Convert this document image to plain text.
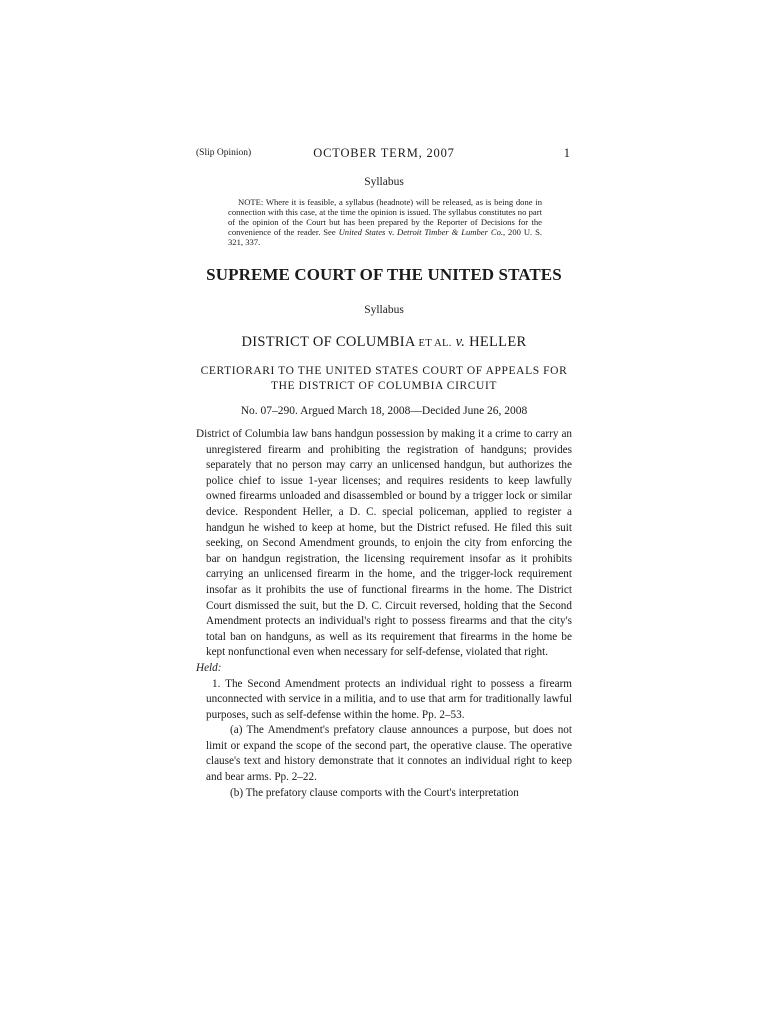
(Slip Opinion)	OCTOBER TERM, 2007	1
Syllabus
NOTE: Where it is feasible, a syllabus (headnote) will be released, as is being done in connection with this case, at the time the opinion is issued. The syllabus constitutes no part of the opinion of the Court but has been prepared by the Reporter of Decisions for the convenience of the reader. See United States v. Detroit Timber & Lumber Co., 200 U. S. 321, 337.
SUPREME COURT OF THE UNITED STATES
Syllabus
DISTRICT OF COLUMBIA ET AL. v. HELLER
CERTIORARI TO THE UNITED STATES COURT OF APPEALS FOR THE DISTRICT OF COLUMBIA CIRCUIT
No. 07–290. Argued March 18, 2008—Decided June 26, 2008
District of Columbia law bans handgun possession by making it a crime to carry an unregistered firearm and prohibiting the registration of handguns; provides separately that no person may carry an unlicensed handgun, but authorizes the police chief to issue 1-year licenses; and requires residents to keep lawfully owned firearms unloaded and disassembled or bound by a trigger lock or similar device. Respondent Heller, a D. C. special policeman, applied to register a handgun he wished to keep at home, but the District refused. He filed this suit seeking, on Second Amendment grounds, to enjoin the city from enforcing the bar on handgun registration, the licensing requirement insofar as it prohibits carrying an unlicensed firearm in the home, and the trigger-lock requirement insofar as it prohibits the use of functional firearms in the home. The District Court dismissed the suit, but the D. C. Circuit reversed, holding that the Second Amendment protects an individual's right to possess firearms and that the city's total ban on handguns, as well as its requirement that firearms in the home be kept nonfunctional even when necessary for self-defense, violated that right.
Held:
1. The Second Amendment protects an individual right to possess a firearm unconnected with service in a militia, and to use that arm for traditionally lawful purposes, such as self-defense within the home. Pp. 2–53.
(a) The Amendment's prefatory clause announces a purpose, but does not limit or expand the scope of the second part, the operative clause. The operative clause's text and history demonstrate that it connotes an individual right to keep and bear arms. Pp. 2–22.
(b) The prefatory clause comports with the Court's interpretation
